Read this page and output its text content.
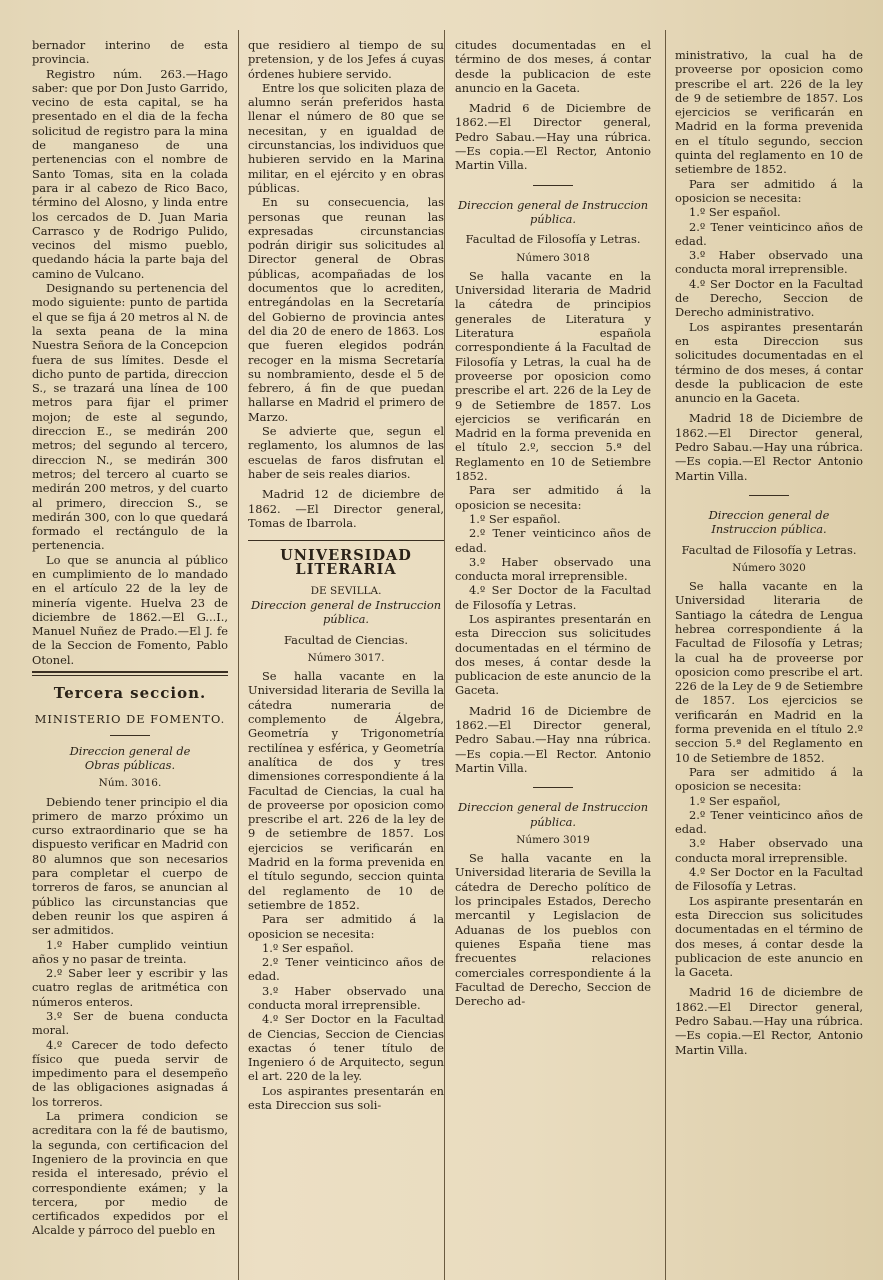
bernador interino de esta provincia.

Registro núm. 263.—Hago saber: que por Don Justo Garrido, vecino de esta capital, se ha presentado en el dia de la fecha solicitud de registro para la mina de manganeso de una pertenencias con el nombre de Santo Tomas, sita en la colada para ir al cabezo de Rico Baco, término del Alosno, y linda entre los cercados de D. Juan Maria Carrasco y de Rodrigo Pulido, vecinos del mismo pueblo, quedando hácia la parte baja del camino de Vulcano.

Designando su pertenencia del modo siguiente: punto de partida el que se fija á 20 metros al N. de la sexta peana de la mina Nuestra Señora de la Concepcion fuera de sus límites. Desde el dicho punto de partida, direccion S., se trazará una línea de 100 metros para fijar el primer mojon; de este al segundo, direccion E., se medirán 200 metros; del segundo al tercero, direccion N., se medirán 300 metros; del tercero al cuarto se medirán 200 metros, y del cuarto al primero, direccion S., se medirán 300, con lo que quedará formado el rectángulo de la pertenencia.

Lo que se anuncia al público en cumplimiento de lo mandado en el artículo 22 de la ley de minería vigente. Huelva 23 de diciembre de 1862.—El G...I., Manuel Nuñez de Prado.—El J. fe de la Seccion de Fomento, Pablo Otonel.

Tercera seccion.
MINISTERIO DE FOMENTO.

Direccion general de Obras públicas.

Núm. 3016.

Debiendo tener principio el dia primero de marzo próximo un curso extraordinario que se ha dispuesto verificar en Madrid con 80 alumnos que son necesarios para completar el cuerpo de torreros de faros, se anuncian al público las circunstancias que deben reunir los que aspiren á ser admitidos.

1.º Haber cumplido veintiun años y no pasar de treinta.

2.º Saber leer y escribir y las cuatro reglas de aritmética con números enteros.

3.º Ser de buena conducta moral.

4.º Carecer de todo defecto físico que pueda servir de impedimento para el desempeño de las obligaciones asignadas á los torreros.

La primera condicion se acreditara con la fé de bautismo, la segunda, con certificacion del Ingeniero de la provincia en que resida el interesado, prévio el correspondiente exámen; y la tercera, por medio de certificados expedidos por el Alcalde y párroco del pueblo en

que residiero al tiempo de su pretension, y de los Jefes á cuyas órdenes hubiere servido.

Entre los que soliciten plaza de alumno serán preferidos hasta llenar el número de 80 que se necesitan, y en igualdad de circunstancias, los individuos que hubieren servido en la Marina militar, en el ejército y en obras públicas.

En su consecuencia, las personas que reunan las expresadas circunstancias podrán dirigir sus solicitudes al Director general de Obras públicas, acompañadas de los documentos que lo acrediten, entregándolas en la Secretaría del Gobierno de provincia antes del dia 20 de enero de 1863. Los que fueren elegidos podrán recoger en la misma Secretaría su nombramiento, desde el 5 de febrero, á fin de que puedan hallarse en Madrid el primero de Marzo.

Se advierte que, segun el reglamento, los alumnos de las escuelas de faros disfrutan el haber de seis reales diarios.

Madrid 12 de diciembre de 1862. —El Director general, Tomas de Ibarrola.

UNIVERSIDAD LITERARIA

DE SEVILLA.

Direccion general de Instruccion pública.

Facultad de Ciencias.

Número 3017.

Se halla vacante en la Universidad literaria de Sevilla la cátedra numeraria de complemento de Álgebra, Geometría y Trigonometría rectilínea y esférica, y Geometría analítica de dos y tres dimensiones correspondiente á la Facultad de Ciencias, la cual ha de proveerse por oposicion como prescribe el art. 226 de la ley de 9 de setiembre de 1857. Los ejercicios se verificarán en Madrid en la forma prevenida en el título segundo, seccion quinta del reglamento de 10 de setiembre de 1852.

Para ser admitido á la oposicion se necesita:

1.º Ser español.

2.º Tener veinticinco años de edad.

3.º Haber observado una conducta moral irreprensible.

4.º Ser Doctor en la Facultad de Ciencias, Seccion de Ciencias exactas ó tener título de Ingeniero ó de Arquitecto, segun el art. 220 de la ley.

Los aspirantes presentarán en esta Direccion sus soli-

citudes documentadas en el término de dos meses, á contar desde la publicacion de este anuncio en la Gaceta.

Madrid 6 de Diciembre de 1862.—El Director general, Pedro Sabau.—Hay una rúbrica.—Es copia.—El Rector, Antonio Martin Villa.

Direccion general de Instruccion pública.

Facultad de Filosofía y Letras.

Número 3018

Se halla vacante en la Universidad literaria de Madrid la cátedra de principios generales de Literatura y Literatura española correspondiente á la Facultad de Filosofía y Letras, la cual ha de proveerse por oposicion como prescribe el art. 226 de la Ley de 9 de Setiembre de 1857. Los ejercicios se verificarán en Madrid en la forma prevenida en el título 2.º, seccion 5.ª del Reglamento en 10 de Setiembre 1852.

Para ser admitido á la oposicion se necesita:

1.º Ser español.

2.º Tener veinticinco años de edad.

3.º Haber observado una conducta moral irreprensible.

4.º Ser Doctor de la Facultad de Filosofía y Letras.

Los aspirantes presentarán en esta Direccion sus solicitudes documentadas en el término de dos meses, á contar desde la publicacion de este anuncio de la Gaceta.

Madrid 16 de Diciembre de 1862.—El Director general, Pedro Sabau.—Hay nna rúbrica.—Es copia.—El Rector. Antonio Martin Villa.

Direccion general de Instruccion pública.

Número 3019

Se halla vacante en la Universidad literaria de Sevilla la cátedra de Derecho político de los principales Estados, Derecho mercantil y Legislacion de Aduanas de los pueblos con quienes España tiene mas frecuentes relaciones comerciales correspondiente á la Facultad de Derecho, Seccion de Derecho ad-

ministrativo, la cual ha de proveerse por oposicion como prescribe el art. 226 de la ley de 9 de setiembre de 1857. Los ejercicios se verificarán en Madrid en la forma prevenida en el título segundo, seccion quinta del reglamento en 10 de setiembre de 1852.

Para ser admitido á la oposicion se necesita:

1.º Ser español.

2.º Tener veinticinco años de edad.

3.º Haber observado una conducta moral irreprensible.

4.º Ser Doctor en la Facultad de Derecho, Seccion de Derecho administrativo.

Los aspirantes presentarán en esta Direccion sus solicitudes documentadas en el término de dos meses, á contar desde la publicacion de este anuncio en la Gaceta.

Madrid 18 de Diciembre de 1862.—El Director general, Pedro Sabau.—Hay una rúbrica.—Es copia.—El Rector Antonio Martin Villa.

Direccion general de Instruccion pública.

Facultad de Filosofía y Letras.

Número 3020

Se halla vacante en la Universidad literaria de Santiago la cátedra de Lengua hebrea correspondiente á la Facultad de Filosofía y Letras; la cual ha de proveerse por oposicion como prescribe el art. 226 de la Ley de 9 de Setiembre de 1857. Los ejercicios se verificarán en Madrid en la forma prevenida en el título 2.º seccion 5.ª del Reglamento en 10 de Setiembre de 1852.

Para ser admitido á la oposicion se necesita:

1.º Ser español,

2.º Tener veinticinco años de edad.

3.º Haber observado una conducta moral irreprensible.

4.º Ser Doctor en la Facultad de Filosofía y Letras.

Los aspirante presentarán en esta Direccion sus solicitudes documentadas en el término de dos meses, á contar desde la publicacion de este anuncio en la Gaceta.

Madrid 16 de diciembre de 1862.—El Director general, Pedro Sabau.—Hay una rúbrica.—Es copia.—El Rector, Antonio Martin Villa.
